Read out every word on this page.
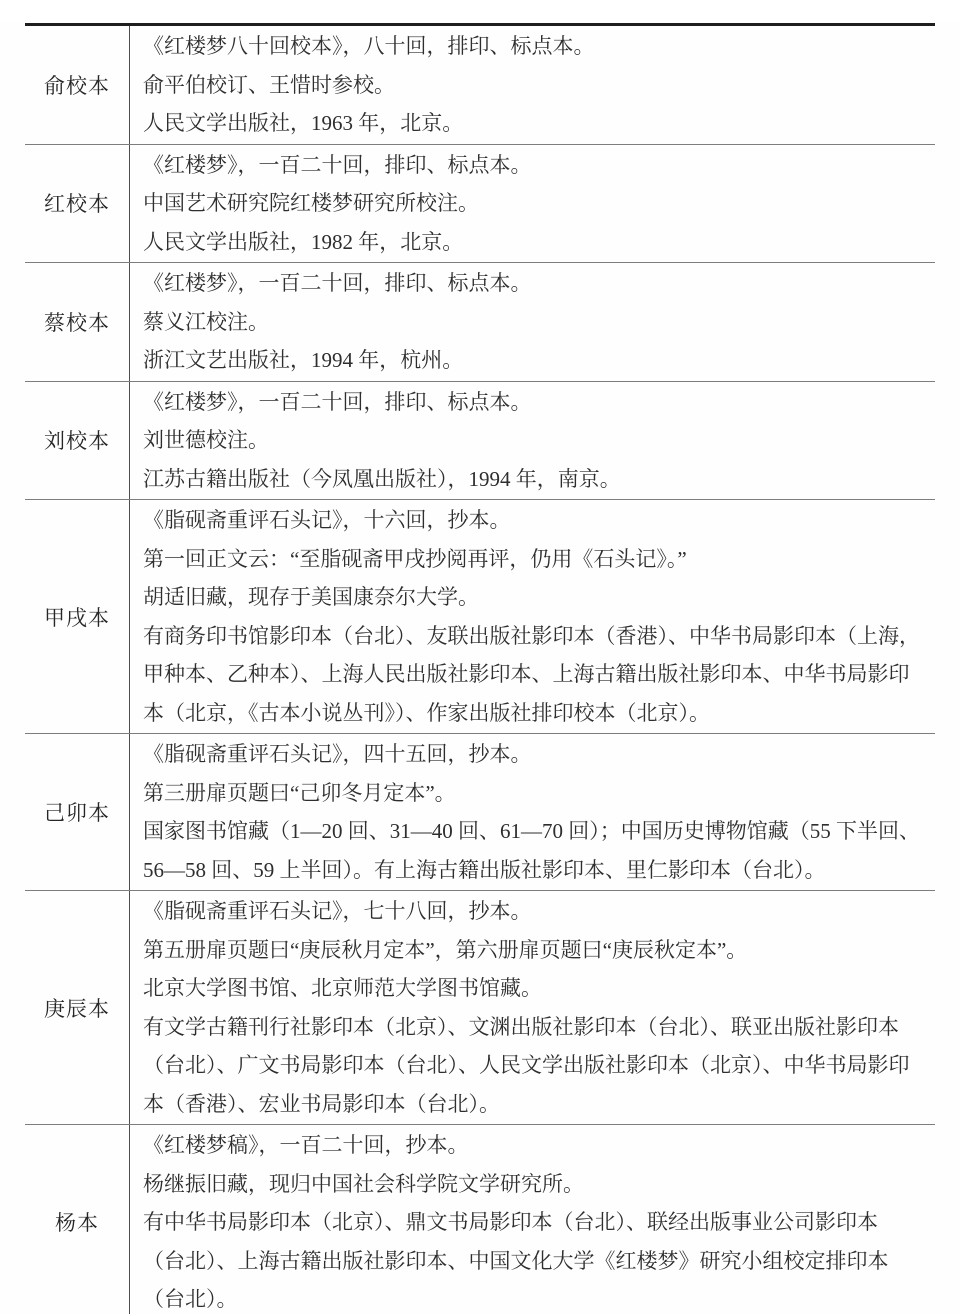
俞校本
《红楼梦八十回校本》，八十回，排印、标点本。
俞平伯校订、王惜时参校。
人民文学出版社，1963 年，北京。
红校本
《红楼梦》，一百二十回，排印、标点本。
中国艺术研究院红楼梦研究所校注。
人民文学出版社，1982 年，北京。
蔡校本
《红楼梦》，一百二十回，排印、标点本。
蔡义江校注。
浙江文艺出版社，1994 年，杭州。
刘校本
《红楼梦》，一百二十回，排印、标点本。
刘世德校注。
江苏古籍出版社（今凤凰出版社），1994 年，南京。
甲戌本
《脂砚斋重评石头记》，十六回，抄本。
第一回正文云：“至脂砚斋甲戌抄阅再评，仍用《石头记》。”
胡适旧藏，现存于美国康奈尔大学。
有商务印书馆影印本（台北）、友联出版社影印本（香港）、中华书局影印本（上海，
甲种本、乙种本）、上海人民出版社影印本、上海古籍出版社影印本、中华书局影印
本（北京，《古本小说丛刊》）、作家出版社排印校本（北京）。
己卯本
《脂砚斋重评石头记》，四十五回，抄本。
第三册扉页题曰“己卯冬月定本”。
国家图书馆藏（1—20 回、31—40 回、61—70 回）；中国历史博物馆藏（55 下半回、
56—58 回、59 上半回）。有上海古籍出版社影印本、里仁影印本（台北）。
庚辰本
《脂砚斋重评石头记》，七十八回，抄本。
第五册扉页题曰“庚辰秋月定本”，第六册扉页题曰“庚辰秋定本”。
北京大学图书馆、北京师范大学图书馆藏。
有文学古籍刊行社影印本（北京）、文渊出版社影印本（台北）、联亚出版社影印本
（台北）、广文书局影印本（台北）、人民文学出版社影印本（北京）、中华书局影印
本（香港）、宏业书局影印本（台北）。
杨本
《红楼梦稿》，一百二十回，抄本。
杨继振旧藏，现归中国社会科学院文学研究所。
有中华书局影印本（北京）、鼎文书局影印本（台北）、联经出版事业公司影印本
（台北）、上海古籍出版社影印本、中国文化大学《红楼梦》研究小组校定排印本
（台北）。
